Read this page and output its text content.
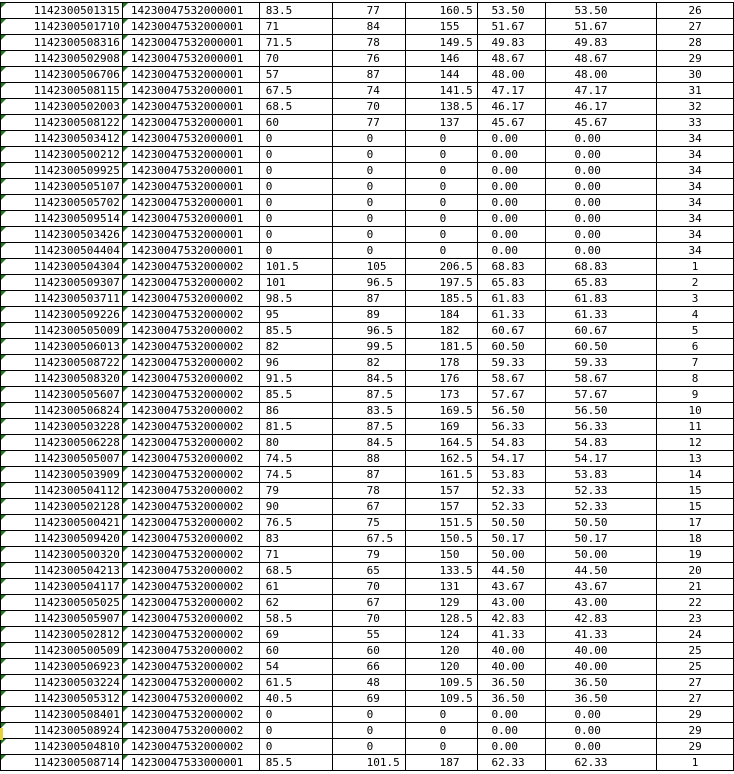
1142300501315	14230047532000001	83.5	77	160.5	53.50	53.50	26
1142300501710	14230047532000001	71	84	155	51.67	51.67	27
1142300508316	14230047532000001	71.5	78	149.5	49.83	49.83	28
1142300502908	14230047532000001	70	76	146	48.67	48.67	29
1142300506706	14230047532000001	57	87	144	48.00	48.00	30
1142300508115	14230047532000001	67.5	74	141.5	47.17	47.17	31
1142300502003	14230047532000001	68.5	70	138.5	46.17	46.17	32
1142300508122	14230047532000001	60	77	137	45.67	45.67	33
1142300503412	14230047532000001	0	0	0	0.00	0.00	34
1142300500212	14230047532000001	0	0	0	0.00	0.00	34
1142300509925	14230047532000001	0	0	0	0.00	0.00	34
1142300505107	14230047532000001	0	0	0	0.00	0.00	34
1142300505702	14230047532000001	0	0	0	0.00	0.00	34
1142300509514	14230047532000001	0	0	0	0.00	0.00	34
1142300503426	14230047532000001	0	0	0	0.00	0.00	34
1142300504404	14230047532000001	0	0	0	0.00	0.00	34
1142300504304	14230047532000002	101.5	105	206.5	68.83	68.83	1
1142300509307	14230047532000002	101	96.5	197.5	65.83	65.83	2
1142300503711	14230047532000002	98.5	87	185.5	61.83	61.83	3
1142300509226	14230047532000002	95	89	184	61.33	61.33	4
1142300505009	14230047532000002	85.5	96.5	182	60.67	60.67	5
1142300506013	14230047532000002	82	99.5	181.5	60.50	60.50	6
1142300508722	14230047532000002	96	82	178	59.33	59.33	7
1142300508320	14230047532000002	91.5	84.5	176	58.67	58.67	8
1142300505607	14230047532000002	85.5	87.5	173	57.67	57.67	9
1142300506824	14230047532000002	86	83.5	169.5	56.50	56.50	10
1142300503228	14230047532000002	81.5	87.5	169	56.33	56.33	11
1142300506228	14230047532000002	80	84.5	164.5	54.83	54.83	12
1142300505007	14230047532000002	74.5	88	162.5	54.17	54.17	13
1142300503909	14230047532000002	74.5	87	161.5	53.83	53.83	14
1142300504112	14230047532000002	79	78	157	52.33	52.33	15
1142300502128	14230047532000002	90	67	157	52.33	52.33	15
1142300500421	14230047532000002	76.5	75	151.5	50.50	50.50	17
1142300509420	14230047532000002	83	67.5	150.5	50.17	50.17	18
1142300500320	14230047532000002	71	79	150	50.00	50.00	19
1142300504213	14230047532000002	68.5	65	133.5	44.50	44.50	20
1142300504117	14230047532000002	61	70	131	43.67	43.67	21
1142300505025	14230047532000002	62	67	129	43.00	43.00	22
1142300505907	14230047532000002	58.5	70	128.5	42.83	42.83	23
1142300502812	14230047532000002	69	55	124	41.33	41.33	24
1142300500509	14230047532000002	60	60	120	40.00	40.00	25
1142300506923	14230047532000002	54	66	120	40.00	40.00	25
1142300503224	14230047532000002	61.5	48	109.5	36.50	36.50	27
1142300505312	14230047532000002	40.5	69	109.5	36.50	36.50	27
1142300508401	14230047532000002	0	0	0	0.00	0.00	29
1142300508924	14230047532000002	0	0	0	0.00	0.00	29
1142300504810	14230047532000002	0	0	0	0.00	0.00	29
1142300508714	14230047533000001	85.5	101.5	187	62.33	62.33	1
